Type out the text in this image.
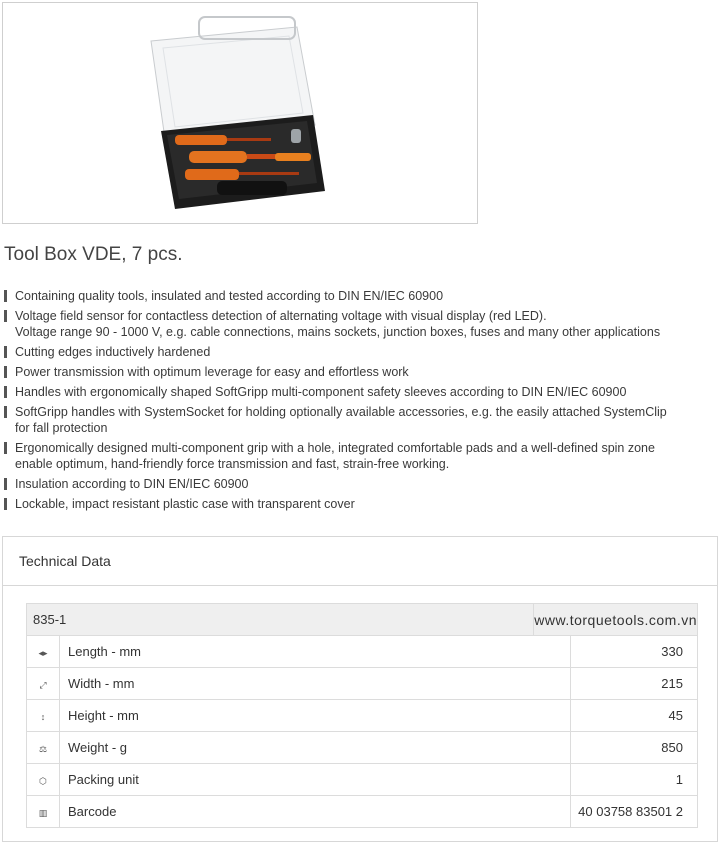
Tool Box VDE, 7 pcs.
Containing quality tools, insulated and tested according to DIN EN/IEC 60900
Voltage field sensor for contactless detection of alternating voltage with visual display (red LED).
Voltage range 90 - 1000 V, e.g. cable connections, mains sockets, junction boxes, fuses and many other applications
Cutting edges inductively hardened
Power transmission with optimum leverage for easy and effortless work
Handles with ergonomically shaped SoftGripp multi-component safety sleeves according to DIN EN/IEC 60900
SoftGripp handles with SystemSocket for holding optionally available accessories, e.g. the easily attached SystemClip
for fall protection
Ergonomically designed multi-component grip with a hole, integrated comfortable pads and a well-defined spin zone
enable optimum, hand-friendly force transmission and fast, strain-free working.
Insulation according to DIN EN/IEC 60900
Lockable, impact resistant plastic case with transparent cover
Technical Data
835-1		www.torquetools.com.vn	
◂▸	Length - mm		330
⤢	Width - mm		215
↕	Height - mm		45
⚖	Weight - g		850
⬡	Packing unit		1
▥	Barcode		40 03758 83501 2
